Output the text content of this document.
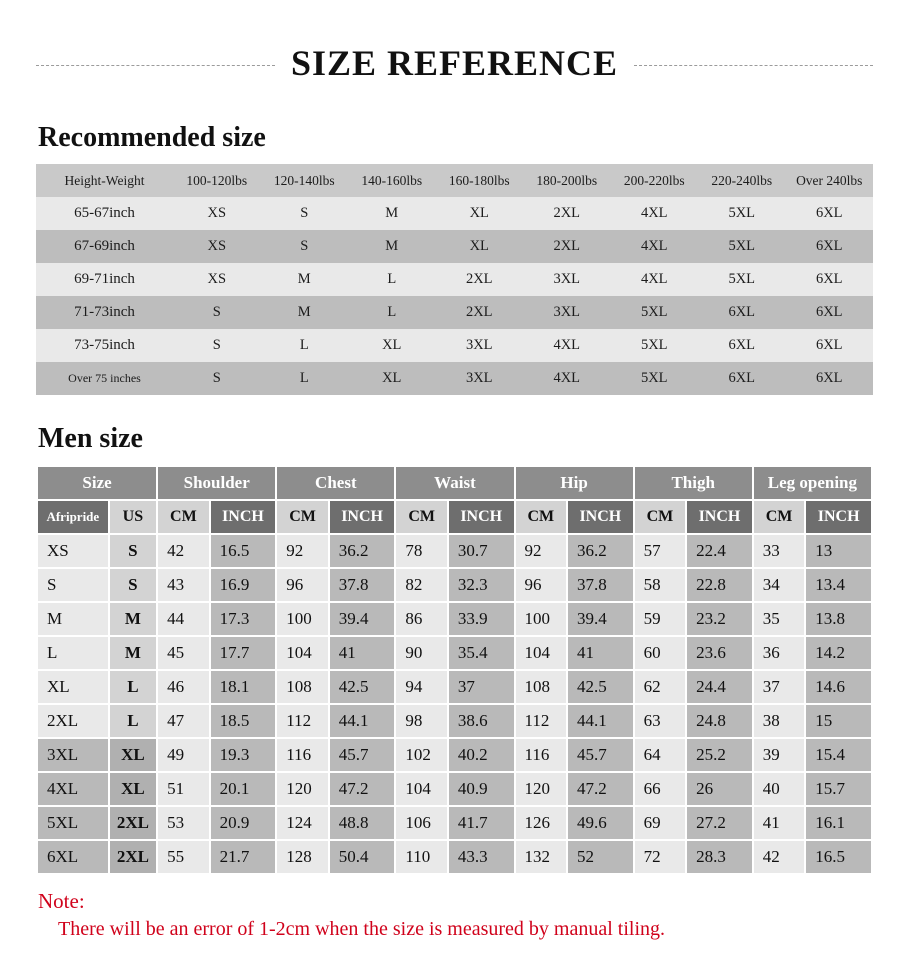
SIZE REFERENCE
Recommended size
Height-Weight	100-120lbs	120-140lbs	140-160lbs	160-180lbs	180-200lbs	200-220lbs	220-240lbs	Over 240lbs
65-67inch	XS	S	M	XL	2XL	4XL	5XL	6XL
67-69inch	XS	S	M	XL	2XL	4XL	5XL	6XL
69-71inch	XS	M	L	2XL	3XL	4XL	5XL	6XL
71-73inch	S	M	L	2XL	3XL	5XL	6XL	6XL
73-75inch	S	L	XL	3XL	4XL	5XL	6XL	6XL
Over 75 inches	S	L	XL	3XL	4XL	5XL	6XL	6XL
Men size
Size		Shoulder		Chest		Waist		Hip		Thigh		Leg opening	
Afripride	US	CM	INCH	CM	INCH	CM	INCH	CM	INCH	CM	INCH	CM	INCH
XS	S	42	16.5	92	36.2	78	30.7	92	36.2	57	22.4	33	13
S	S	43	16.9	96	37.8	82	32.3	96	37.8	58	22.8	34	13.4
M	M	44	17.3	100	39.4	86	33.9	100	39.4	59	23.2	35	13.8
L	M	45	17.7	104	41	90	35.4	104	41	60	23.6	36	14.2
XL	L	46	18.1	108	42.5	94	37	108	42.5	62	24.4	37	14.6
2XL	L	47	18.5	112	44.1	98	38.6	112	44.1	63	24.8	38	15
3XL	XL	49	19.3	116	45.7	102	40.2	116	45.7	64	25.2	39	15.4
4XL	XL	51	20.1	120	47.2	104	40.9	120	47.2	66	26	40	15.7
5XL	2XL	53	20.9	124	48.8	106	41.7	126	49.6	69	27.2	41	16.1
6XL	2XL	55	21.7	128	50.4	110	43.3	132	52	72	28.3	42	16.5
Note:
There will be an error of 1-2cm when the size is measured by manual tiling.
